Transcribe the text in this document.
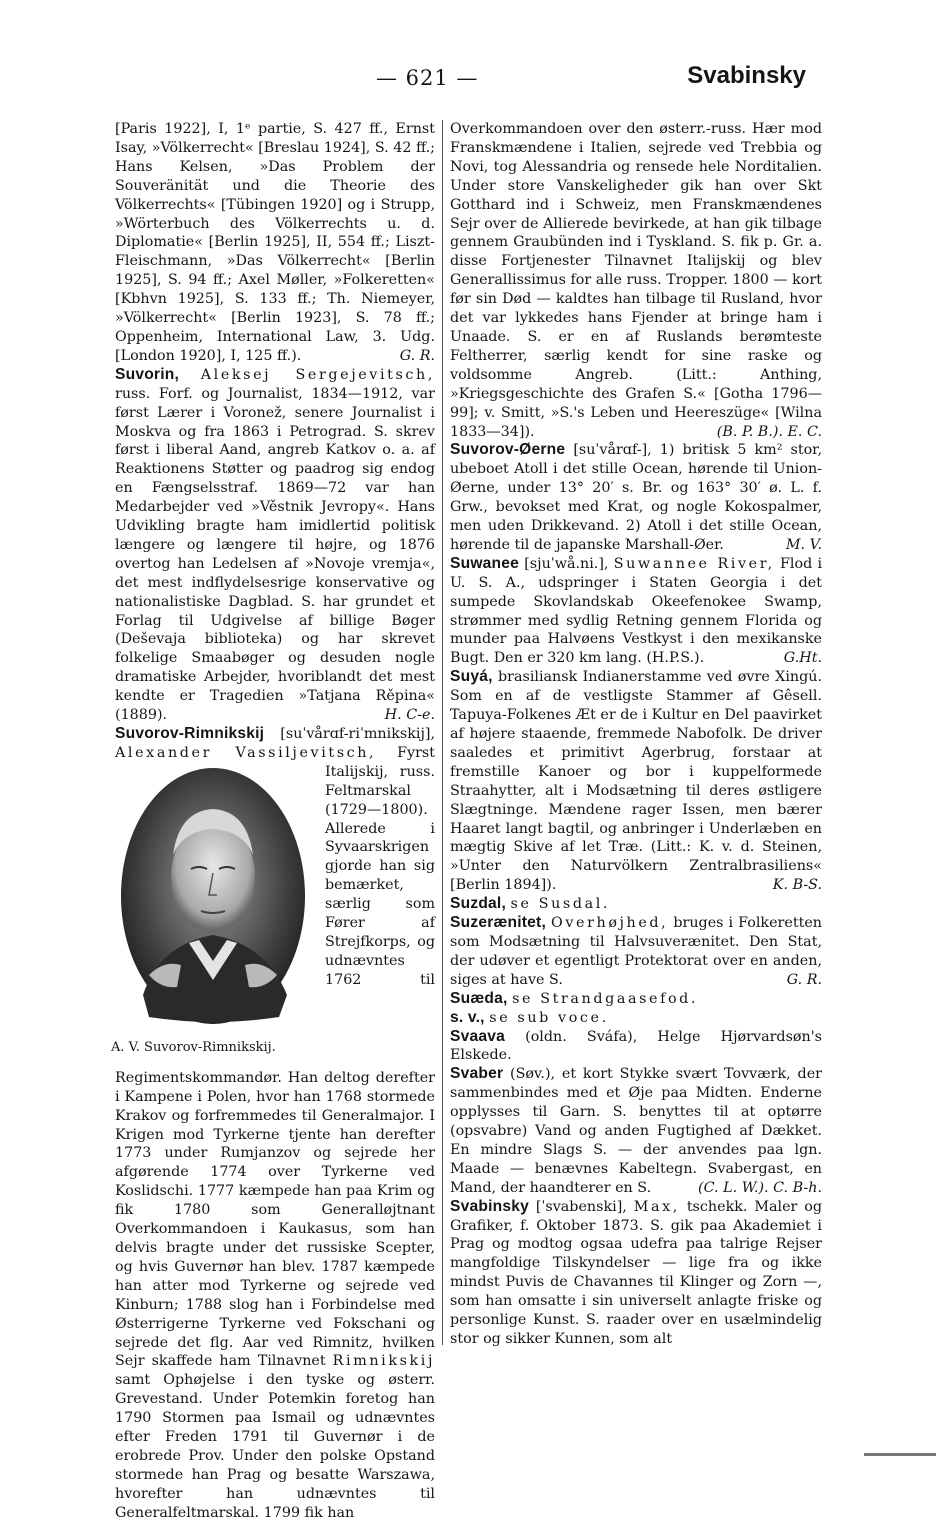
— 621 —	Svabinsky

[Paris 1922], I, 1ᵉ partie, S. 427 ff., Ernst Isay, »Völkerrecht« [Breslau 1924], S. 42 ff.; Hans Kelsen, »Das Problem der Souveränität und die Theorie des Völkerrechts« [Tübingen 1920] og i Strupp, »Wörterbuch des Völkerrechts u. d. Diplomatie« [Berlin 1925], II, 554 ff.; Liszt-Fleischmann, »Das Völkerrecht« [Berlin 1925], S. 94 ff.; Axel Møller, »Folkeretten« [Kbhvn 1925], S. 133 ff.; Th. Niemeyer, »Völkerrecht« [Berlin 1923], S. 78 ff.; Oppenheim, International Law, 3. Udg. [London 1920], I, 125 ff.).	G. R.

Suvorin, Aleksej Sergejevitsch, russ. Forf. og Journalist, 1834—1912, var først Lærer i Voronež, senere Journalist i Moskva og fra 1863 i Petrograd. S. skrev først i liberal Aand, angreb Katkov o. a. af Reaktionens Støtter og paadrog sig endog en Fængselsstraf. 1869—72 var han Medarbejder ved »Věstnik Jevropy«. Hans Udvikling bragte ham imidlertid politisk længere og længere til højre, og 1876 overtog han Ledelsen af »Novoje vremja«, det mest indflydelsesrige konservative og nationalistiske Dagblad. S. har grundet et Forlag til Udgivelse af billige Bøger (Deševaja biblioteka) og har skrevet folkelige Smaabøger og desuden nogle dramatiske Arbejder, hvoriblandt det mest kendte er Tragedien »Tatjana Rěpina« (1889).	H. C-e.

Suvorov-Rimnikskij [suˈvårɑf-riˈmnikskij], Alexander Vassiljevitsch,
A. V. Suvorov-Rimnikskij.
Fyrst Italijskij, russ. Feltmarskal (1729—1800). Allerede i Syvaarskrigen gjorde han sig bemærket, særlig som Fører af Strejfkorps, og udnævntes 1762 til Regimentskommandør. Han deltog derefter i Kampene i Polen, hvor han 1768 stormede Krakov og forfremmedes til Generalmajor. I Krigen mod Tyrkerne tjente han derefter 1773 under Rumjanzov og sejrede her afgørende 1774 over Tyrkerne ved Koslidschi. 1777 kæmpede han paa Krim og fik 1780 som Generalløjtnant Overkommandoen i Kaukasus, som han delvis bragte under det russiske Scepter, og hvis Guvernør han blev. 1787 kæmpede han atter mod Tyrkerne og sejrede ved Kinburn; 1788 slog han i Forbindelse med Østerrigerne Tyrkerne ved Fokschani og sejrede det flg. Aar ved Rimnitz, hvilken Sejr skaffede ham Tilnavnet Rimnikskij samt Ophøjelse i den tyske og østerr. Grevestand. Under Potemkin foretog han 1790 Stormen paa Ismail og udnævntes efter Freden 1791 til Guvernør i de erobrede Prov. Under den polske Opstand stormede han Prag og besatte Warszawa, hvorefter han udnævntes til Generalfeltmarskal. 1799 fik han

Overkommandoen over den østerr.-russ. Hær mod Franskmændene i Italien, sejrede ved Trebbia og Novi, tog Alessandria og rensede hele Norditalien. Under store Vanskeligheder gik han over Skt Gotthard ind i Schweiz, men Franskmændenes Sejr over de Allierede bevirkede, at han gik tilbage gennem Graubünden ind i Tyskland. S. fik p. Gr. a. disse Fortjenester Tilnavnet Italijskij og blev Generallissimus for alle russ. Tropper. 1800 — kort før sin Død — kaldtes han tilbage til Rusland, hvor det var lykkedes hans Fjender at bringe ham i Unaade. S. er en af Ruslands berømteste Feltherrer, særlig kendt for sine raske og voldsomme Angreb. (Litt.: Anthing, »Kriegsgeschichte des Grafen S.« [Gotha 1796—99]; v. Smitt, »S.'s Leben und Heereszüge« [Wilna 1833—34]).	(B. P. B.). E. C.

Suvorov-Øerne [suˈvårɑf-], 1) britisk 5 km² stor, ubeboet Atoll i det stille Ocean, hørende til Union-Øerne, under 13° 20′ s. Br. og 163° 30′ ø. L. f. Grw., bevokset med Krat, og nogle Kokospalmer, men uden Drikkevand. 2) Atoll i det stille Ocean, hørende til de japanske Marshall-Øer.	M. V.

Suwanee [sjuˈwå.ni.], Suwannee River, Flod i U. S. A., udspringer i Staten Georgia i det sumpede Skovlandskab Okeefenokee Swamp, strømmer med sydlig Retning gennem Florida og munder paa Halvøens Vestkyst i den mexikanske Bugt. Den er 320 km lang. (H.P.S.).	G.Ht.

Suyá, brasiliansk Indianerstamme ved øvre Xingú. Som en af de vestligste Stammer af Gêsell. Tapuya-Folkenes Æt er de i Kultur en Del paavirket af højere staaende, fremmede Nabofolk. De driver saaledes et primitivt Agerbrug, forstaar at fremstille Kanoer og bor i kuppelformede Straahytter, alt i Modsætning til deres østligere Slægtninge. Mændene rager Issen, men bærer Haaret langt bagtil, og anbringer i Underlæben en mægtig Skive af let Træ. (Litt.: K. v. d. Steinen, »Unter den Naturvölkern Zentralbrasiliens« [Berlin 1894]).	K. B-S.

Suzdal, se Susdal.

Suzerænitet, Overhøjhed, bruges i Folkeretten som Modsætning til Halvsuverænitet. Den Stat, der udøver et egentligt Protektorat over en anden, siges at have S.	G. R.

Suæda, se Strandgaasefod.

s. v., se sub voce.

Svaava (oldn. Sváfa), Helge Hjørvardsøn's Elskede.

Svaber (Søv.), et kort Stykke svært Tovværk, der sammenbindes med et Øje paa Midten. Enderne opplysses til Garn. S. benyttes til at optørre (opsvabre) Vand og anden Fugtighed af Dækket. En mindre Slags S. — der anvendes paa lgn. Maade — benævnes Kabeltegn. Svabergast, en Mand, der haandterer en S.	(C. L. W.). C. B-h.

Svabinsky [ˈsvabenski], Max, tschekk. Maler og Grafiker, f. Oktober 1873. S. gik paa Akademiet i Prag og modtog ogsaa udefra paa talrige Rejser mangfoldige Tilskyndelser — lige fra og ikke mindst Puvis de Chavannes til Klinger og Zorn —, som han omsatte i sin universelt anlagte friske og personlige Kunst. S. raader over en usælmindelig stor og sikker Kunnen, som alt
